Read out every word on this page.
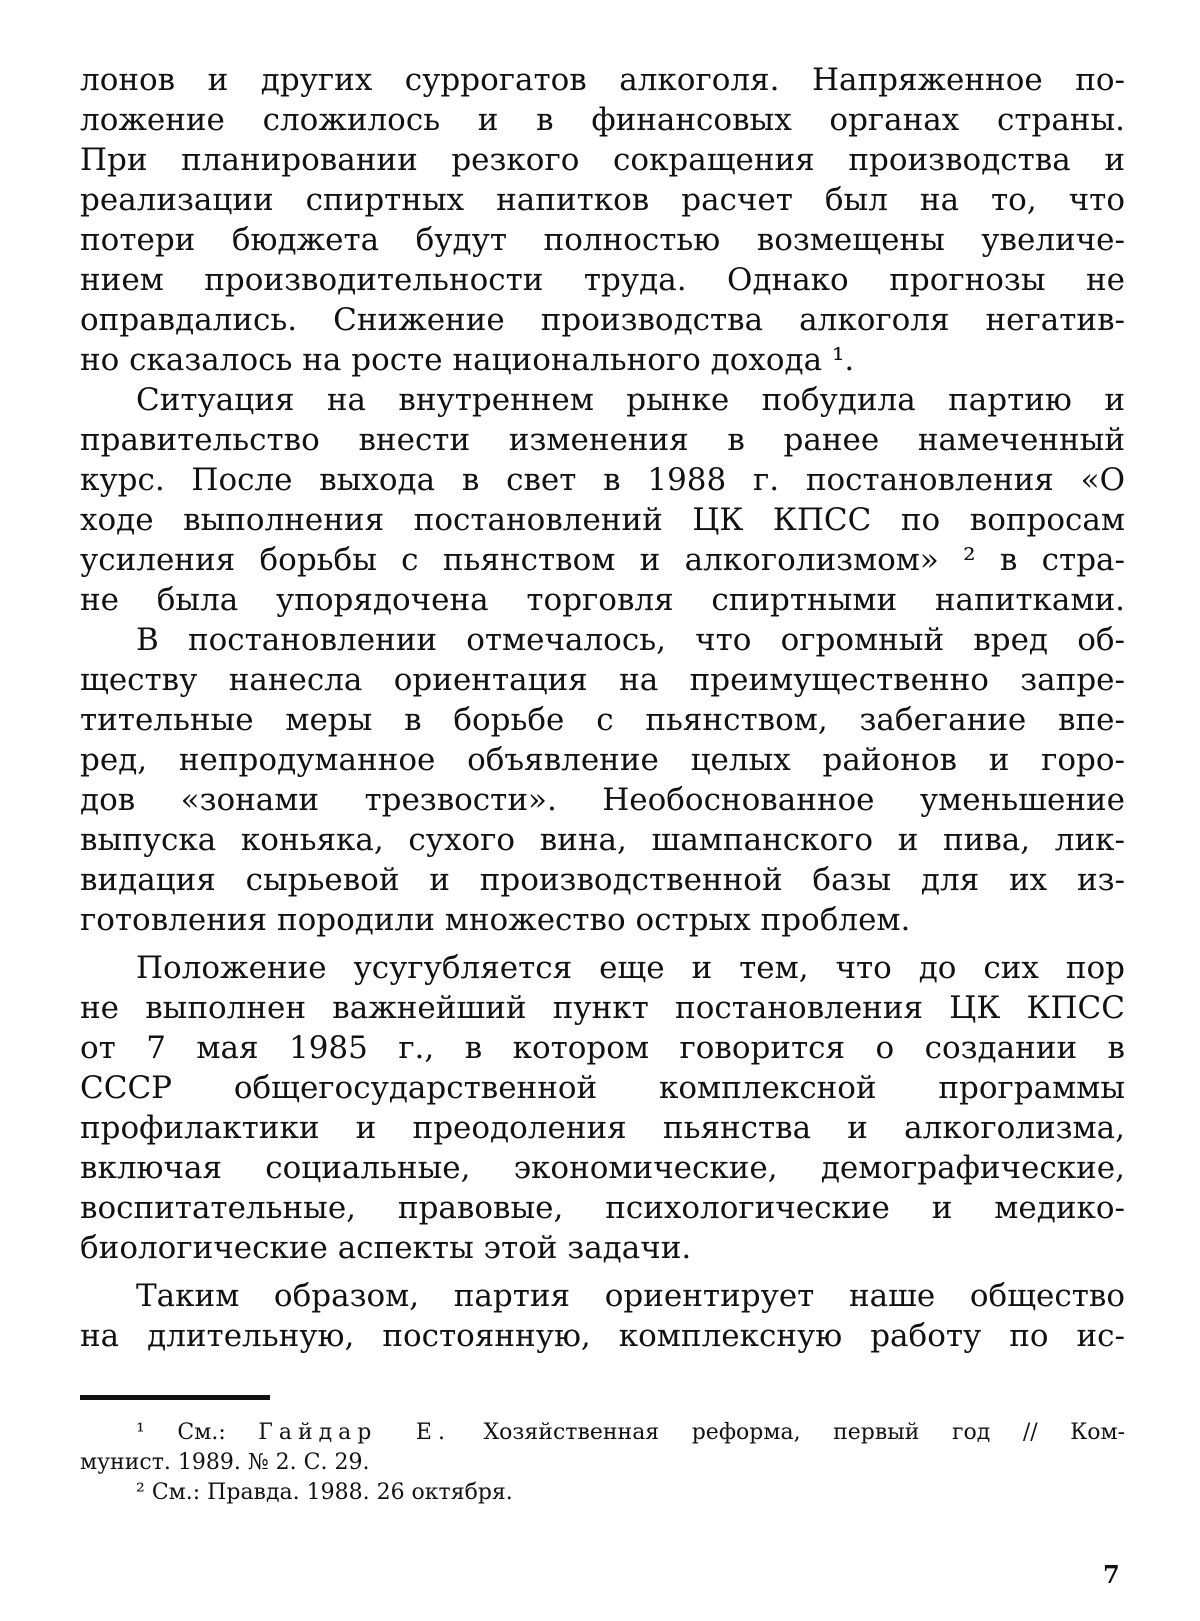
лонов и других суррогатов алкоголя. Напряженное по-
ложение сложилось и в финансовых органах страны.
При планировании резкого сокращения производства и
реализации спиртных напитков расчет был на то, что
потери бюджета будут полностью возмещены увеличе-
нием производительности труда. Однако прогнозы не
оправдались. Снижение производства алкоголя негатив-
но сказалось на росте национального дохода ¹.
Ситуация на внутреннем рынке побудила партию и
правительство внести изменения в ранее намеченный
курс. После выхода в свет в 1988 г. постановления «О
ходе выполнения постановлений ЦК КПСС по вопросам
усиления борьбы с пьянством и алкоголизмом» ² в стра-
не была упорядочена торговля спиртными напитками.
В постановлении отмечалось, что огромный вред об-
ществу нанесла ориентация на преимущественно запре-
тительные меры в борьбе с пьянством, забегание впе-
ред, непродуманное объявление целых районов и горо-
дов «зонами трезвости». Необоснованное уменьшение
выпуска коньяка, сухого вина, шампанского и пива, лик-
видация сырьевой и производственной базы для их из-
готовления породили множество острых проблем.
Положение усугубляется еще и тем, что до сих пор
не выполнен важнейший пункт постановления ЦК КПСС
от 7 мая 1985 г., в котором говорится о создании в
СССР общегосударственной комплексной программы
профилактики и преодоления пьянства и алкоголизма,
включая социальные, экономические, демографические,
воспитательные, правовые, психологические и медико-
биологические аспекты этой задачи.
Таким образом, партия ориентирует наше общество
на длительную, постоянную, комплексную работу по ис-
¹ См.: Гайдар Е. Хозяйственная реформа, первый год // Ком-
мунист. 1989. № 2. С. 29.
² См.: Правда. 1988. 26 октября.
7
